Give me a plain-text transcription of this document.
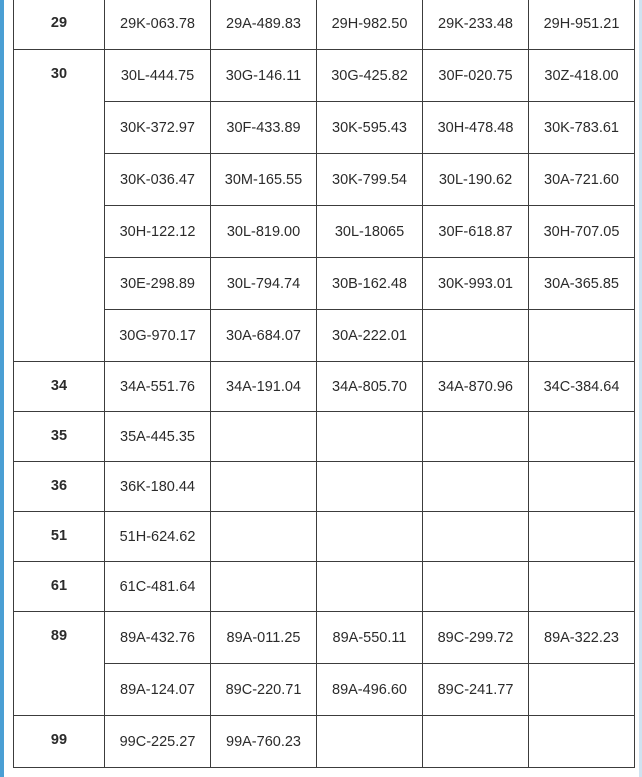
29	29K-063.78	29A-489.83	29H-982.50	29K-233.48	29H-951.21
30	30L-444.75	30G-146.11	30G-425.82	30F-020.75	30Z-418.00
	30K-372.97	30F-433.89	30K-595.43	30H-478.48	30K-783.61
	30K-036.47	30M-165.55	30K-799.54	30L-190.62	30A-721.60
	30H-122.12	30L-819.00	30L-18065	30F-618.87	30H-707.05
	30E-298.89	30L-794.74	30B-162.48	30K-993.01	30A-365.85
	30G-970.17	30A-684.07	30A-222.01		
34	34A-551.76	34A-191.04	34A-805.70	34A-870.96	34C-384.64
35	35A-445.35				
36	36K-180.44				
51	51H-624.62				
61	61C-481.64				
89	89A-432.76	89A-011.25	89A-550.11	89C-299.72	89A-322.23
	89A-124.07	89C-220.71	89A-496.60	89C-241.77	
99	99C-225.27	99A-760.23			
